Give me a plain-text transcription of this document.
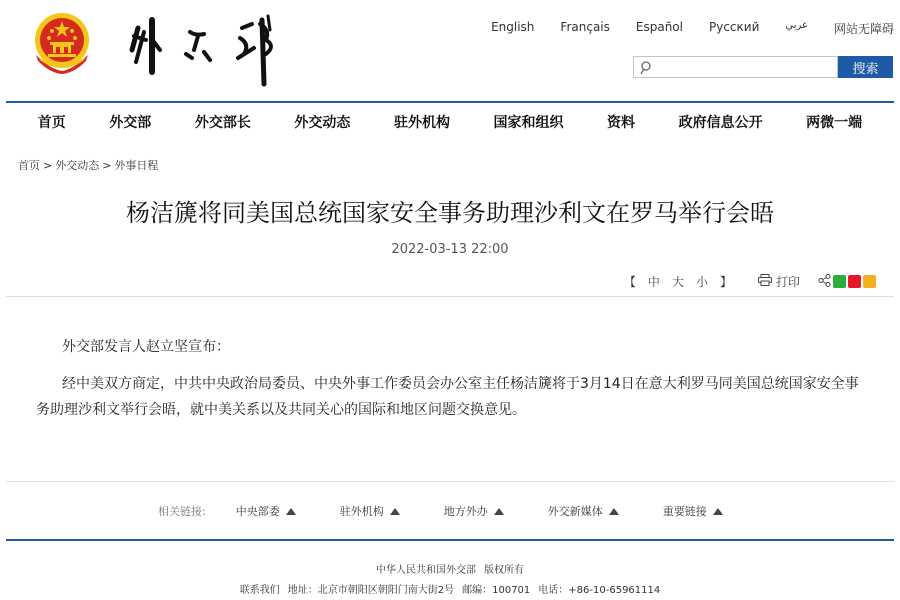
English Français Español Русский	عربي 网站无障碍
搜索
首页	外交部	外交部长	外交动态	驻外机构	国家和组织	资料	政府信息公开	两微一端
首页 > 外交动态 > 外事日程
杨洁篪将同美国总统国家安全事务助理沙利文在罗马举行会晤
2022-03-13 22:00
【 中 大 小 】	打印
外交部发言人赵立坚宣布：
经中美双方商定，中共中央政治局委员、中央外事工作委员会办公室主任杨洁篪将于3月14日在意大利罗马同美国总统国家安全事务助理沙利文举行会晤，就中美关系以及共同关心的国际和地区问题交换意见。
相关链接:	中央部委	驻外机构	地方外办	外交新媒体	重要链接
中华人民共和国外交部 版权所有
联系我们 地址：北京市朝阳区朝阳门南大街2号 邮编：100701 电话：+86-10-65961114
